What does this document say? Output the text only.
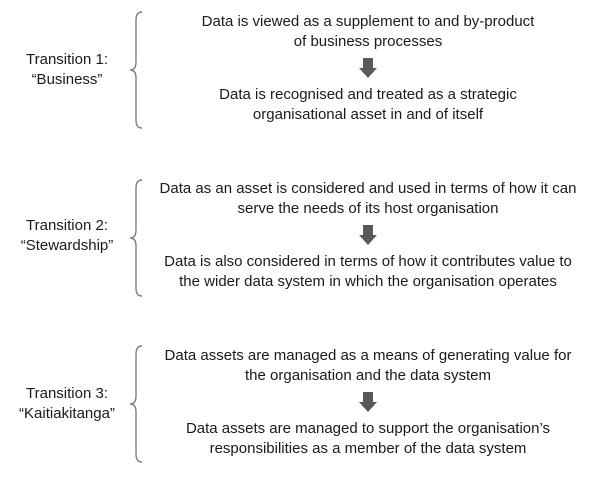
Transition 1:
“Business”

Data is viewed as a supplement to and by-product
of business processes

Data is recognised and treated as a strategic
organisational asset in and of itself

Transition 2:
“Stewardship”

Data as an asset is considered and used in terms of how it can
serve the needs of its host organisation

Data is also considered in terms of how it contributes value to
the wider data system in which the organisation operates

Transition 3:
“Kaitiakitanga”

Data assets are managed as a means of generating value for
the organisation and the data system

Data assets are managed to support the organisation’s
responsibilities as a member of the data system
